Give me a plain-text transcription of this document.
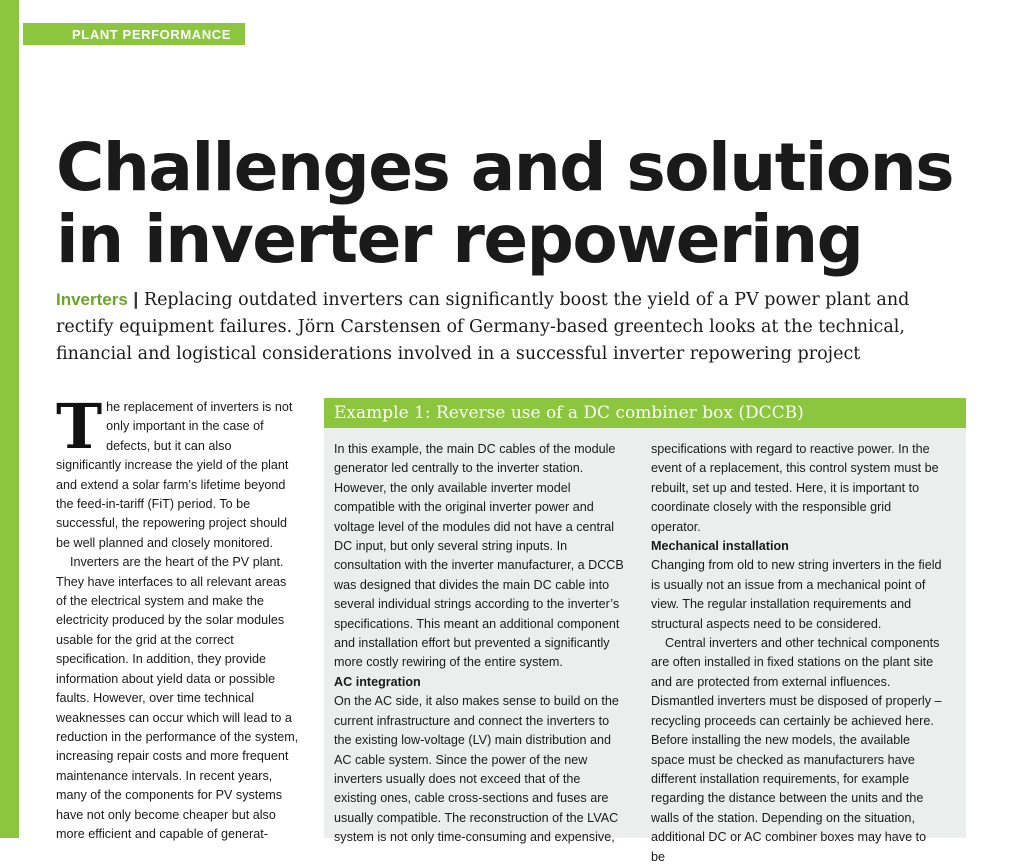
PLANT PERFORMANCE
Challenges and solutions
in inverter repowering
Inverters | Replacing outdated inverters can significantly boost the yield of a PV power plant and rectify equipment failures. Jörn Carstensen of Germany-based greentech looks at the technical, financial and logistical considerations involved in a successful inverter repowering project

The replacement of inverters is not only important in the case of defects, but it can also significantly increase the yield of the plant and extend a solar farm’s lifetime beyond the feed-in-tariff (FiT) period. To be successful, the repowering project should be well planned and closely monitored.

Inverters are the heart of the PV plant. They have interfaces to all relevant areas of the electrical system and make the electricity produced by the solar modules usable for the grid at the correct specification. In addition, they provide information about yield data or possible faults. However, over time technical weaknesses can occur which will lead to a reduction in the performance of the system, increasing repair costs and more frequent maintenance intervals. In recent years, many of the components for PV systems have not only become cheaper but also more efficient and capable of generat-

Example 1: Reverse use of a DC combiner box (DCCB)

In this example, the main DC cables of the module generator led centrally to the inverter station. However, the only available inverter model compatible with the original inverter power and voltage level of the modules did not have a central DC input, but only several string inputs. In consultation with the inverter manufacturer, a DCCB was designed that divides the main DC cable into several individual strings according to the inverter’s specifications. This meant an additional component and installation effort but prevented a significantly more costly rewiring of the entire system.

AC integration

On the AC side, it also makes sense to build on the current infrastructure and connect the inverters to the existing low-voltage (LV) main distribution and AC cable system. Since the power of the new inverters usually does not exceed that of the existing ones, cable cross-sections and fuses are usually compatible. The reconstruction of the LVAC system is not only time-consuming and expensive,

specifications with regard to reactive power. In the event of a replacement, this control system must be rebuilt, set up and tested. Here, it is important to coordinate closely with the responsible grid operator.

Mechanical installation

Changing from old to new string inverters in the field is usually not an issue from a mechanical point of view. The regular installation requirements and structural aspects need to be considered.

Central inverters and other technical components are often installed in fixed stations on the plant site and are protected from external influences. Dismantled inverters must be disposed of properly – recycling proceeds can certainly be achieved here. Before installing the new models, the available space must be checked as manufacturers have different installation requirements, for example regarding the distance between the units and the walls of the station. Depending on the situation, additional DC or AC combiner boxes may have to be
